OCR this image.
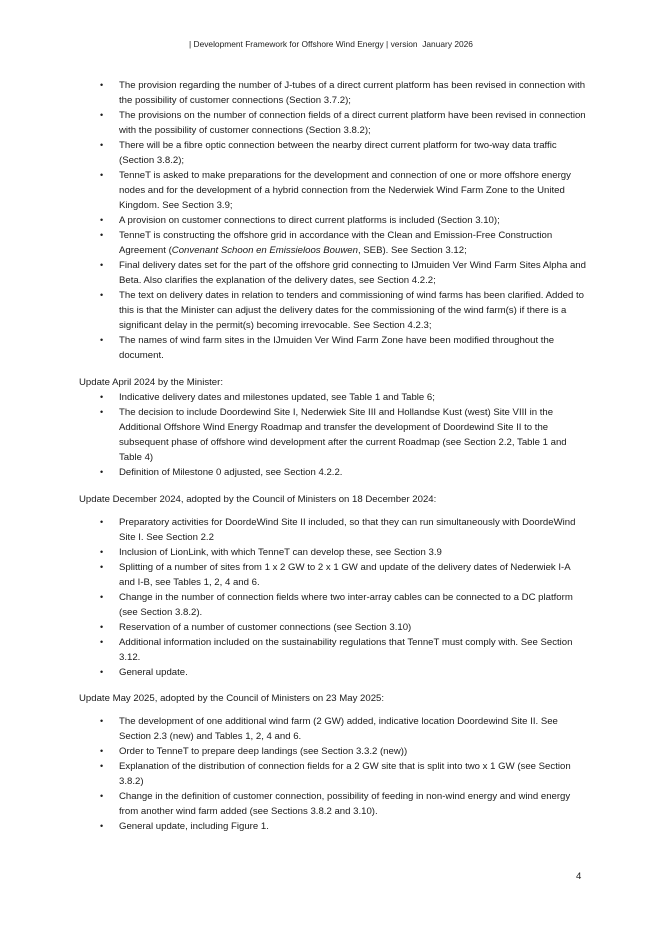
| Development Framework for Offshore Wind Energy | version  January 2026
• The provision regarding the number of J-tubes of a direct current platform has been revised in connection with the possibility of customer connections (Section 3.7.2);
• The provisions on the number of connection fields of a direct current platform have been revised in connection with the possibility of customer connections (Section 3.8.2);
• There will be a fibre optic connection between the nearby direct current platform for two-way data traffic (Section 3.8.2);
• TenneT is asked to make preparations for the development and connection of one or more offshore energy nodes and for the development of a hybrid connection from the Nederwiek Wind Farm Zone to the United Kingdom. See Section 3.9;
• A provision on customer connections to direct current platforms is included (Section 3.10);
• TenneT is constructing the offshore grid in accordance with the Clean and Emission-Free Construction Agreement (Convenant Schoon en Emissieloos Bouwen, SEB). See Section 3.12;
• Final delivery dates set for the part of the offshore grid connecting to IJmuiden Ver Wind Farm Sites Alpha and Beta. Also clarifies the explanation of the delivery dates, see Section 4.2.2;
• The text on delivery dates in relation to tenders and commissioning of wind farms has been clarified. Added to this is that the Minister can adjust the delivery dates for the commissioning of the wind farm(s) if there is a significant delay in the permit(s) becoming irrevocable. See Section 4.2.3;
• The names of wind farm sites in the IJmuiden Ver Wind Farm Zone have been modified throughout the document.

Update April 2024 by the Minister:

• Indicative delivery dates and milestones updated, see Table 1 and Table 6;
• The decision to include Doordewind Site I, Nederwiek Site III and Hollandse Kust (west) Site VIII in the Additional Offshore Wind Energy Roadmap and transfer the development of Doordewind Site II to the subsequent phase of offshore wind development after the current Roadmap (see Section 2.2, Table 1 and Table 4)
• Definition of Milestone 0 adjusted, see Section 4.2.2.

Update December 2024, adopted by the Council of Ministers on 18 December 2024:

• Preparatory activities for DoordeWind Site II included, so that they can run simultaneously with DoordeWind Site I. See Section 2.2
• Inclusion of LionLink, with which TenneT can develop these, see Section 3.9
• Splitting of a number of sites from 1 x 2 GW to 2 x 1 GW and update of the delivery dates of Nederwiek I-A and I-B, see Tables 1, 2, 4 and 6.
• Change in the number of connection fields where two inter-array cables can be connected to a DC platform (see Section 3.8.2).
• Reservation of a number of customer connections (see Section 3.10)
• Additional information included on the sustainability regulations that TenneT must comply with. See Section 3.12.
• General update.

Update May 2025, adopted by the Council of Ministers on 23 May 2025:

• The development of one additional wind farm (2 GW) added, indicative location Doordewind Site II. See Section 2.3 (new) and Tables 1, 2, 4 and 6.
• Order to TenneT to prepare deep landings (see Section 3.3.2 (new))
• Explanation of the distribution of connection fields for a 2 GW site that is split into two x 1 GW (see Section 3.8.2)
• Change in the definition of customer connection, possibility of feeding in non-wind energy and wind energy from another wind farm added (see Sections 3.8.2 and 3.10).
• General update, including Figure 1.
4
